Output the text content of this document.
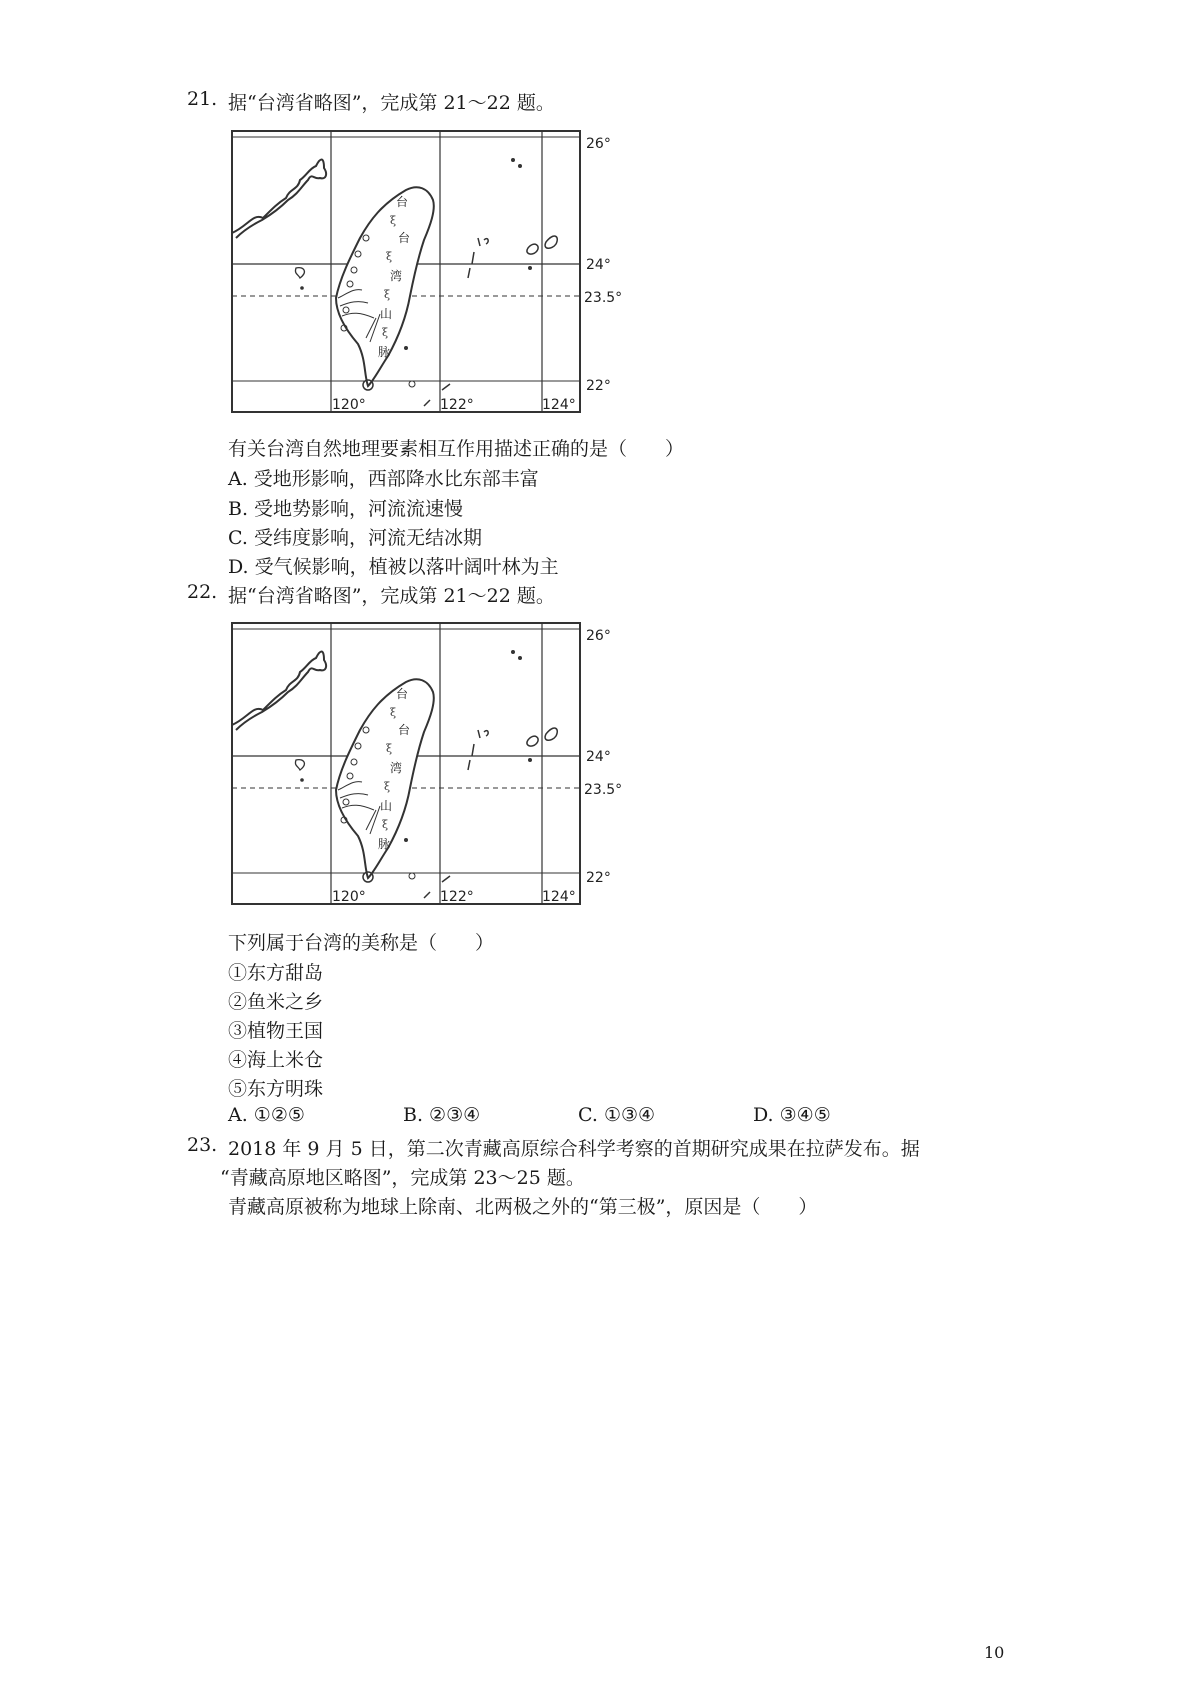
21. 据“台湾省略图”，完成第 21～22 题。
台
台
湾
山
脉
ξ
ξ
ξ
ξ
26°
24°
23.5°
22°
120°	122°	124°
有关台湾自然地理要素相互作用描述正确的是（　　）
A. 受地形影响，西部降水比东部丰富
B. 受地势影响，河流流速慢
C. 受纬度影响，河流无结冰期
D. 受气候影响，植被以落叶阔叶林为主
22. 据“台湾省略图”，完成第 21～22 题。
台
台
湾
山
脉
ξ
ξ
ξ
ξ
26°
24°
23.5°
22°
120°	122°	124°
下列属于台湾的美称是（　　）
①东方甜岛
②鱼米之乡
③植物王国
④海上米仓
⑤东方明珠
A. ①②⑤	B. ②③④	C. ①③④	D. ③④⑤
23. 2018 年 9 月 5 日，第二次青藏高原综合科学考察的首期研究成果在拉萨发布。据
“青藏高原地区略图”，完成第 23～25 题。
青藏高原被称为地球上除南、北两极之外的“第三极”，原因是（　　）
10
